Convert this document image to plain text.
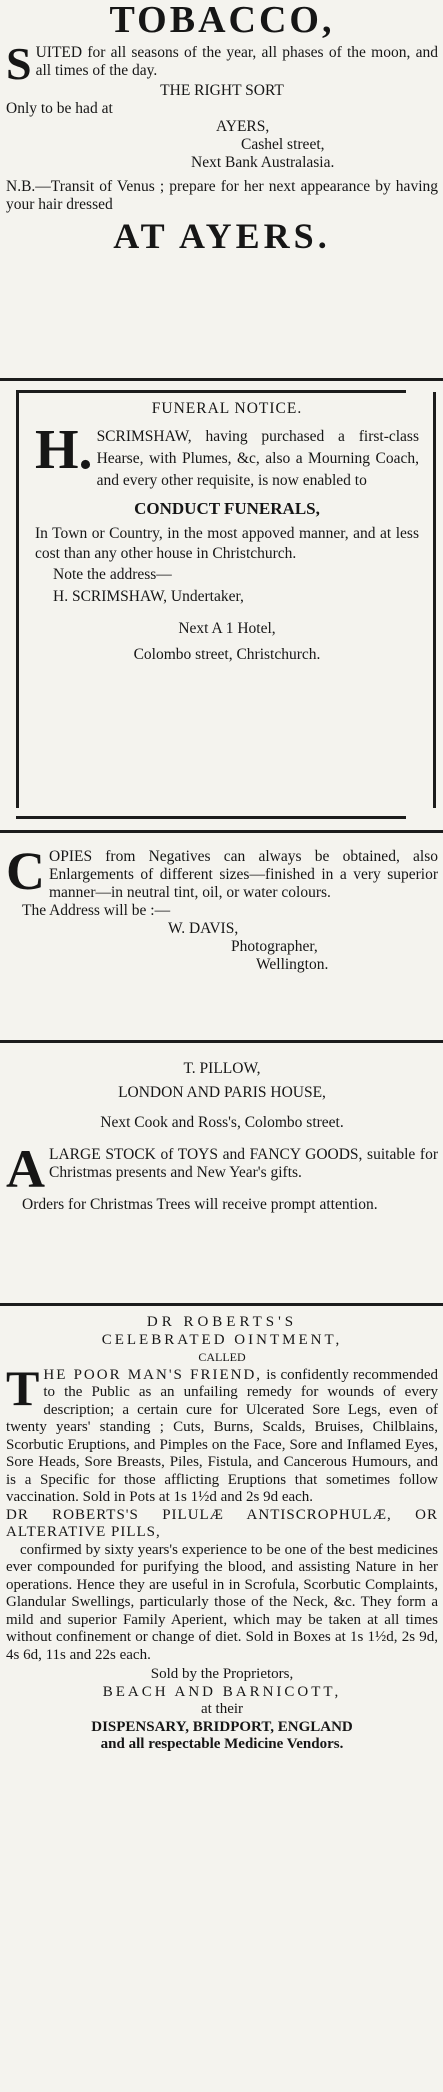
TOBACCO,
SUITED for all seasons of the year, all phases of the moon, and all times of the day.
THE RIGHT SORT
Only to be had at
AYERS,
Cashel street,
Next Bank Australasia.
N.B.—Transit of Venus ; prepare for her next appearance by having your hair dressed
AT AYERS.
FUNERAL NOTICE.
H. SCRIMSHAW, having purchased a first-class Hearse, with Plumes, &c, also a Mourning Coach, and every other requisite, is now enabled to
CONDUCT FUNERALS,
In Town or Country, in the most appoved manner, and at less cost than any other house in Christchurch.
Note the address—
H. SCRIMSHAW, Undertaker,
Next A 1 Hotel,
Colombo street, Christchurch.
COPIES from Negatives can always be obtained, also Enlargements of different sizes—finished in a very superior manner—in neutral tint, oil, or water colours.
The Address will be :—
W. DAVIS,
Photographer,
Wellington.
T. PILLOW,
LONDON AND PARIS HOUSE,
Next Cook and Ross's, Colombo street.
ALARGE STOCK of TOYS and FANCY GOODS, suitable for Christmas presents and New Year's gifts.
Orders for Christmas Trees will receive prompt attention.
DR ROBERTS'S
CELEBRATED OINTMENT,
CALLED
THE POOR MAN'S FRIEND, is confidently recommended to the Public as an unfailing remedy for wounds of every description; a certain cure for Ulcerated Sore Legs, even of twenty years' standing ; Cuts, Burns, Scalds, Bruises, Chilblains, Scorbutic Eruptions, and Pimples on the Face, Sore and Inflamed Eyes, Sore Heads, Sore Breasts, Piles, Fistula, and Cancerous Humours, and is a Specific for those afflicting Eruptions that sometimes follow vaccination. Sold in Pots at 1s 1½d and 2s 9d each.
DR ROBERTS'S PILULÆ ANTISCROPHULÆ, OR ALTERATIVE PILLS,
confirmed by sixty years's experience to be one of the best medicines ever compounded for purifying the blood, and assisting Nature in her operations. Hence they are useful in in Scrofula, Scorbutic Complaints, Glandular Swellings, particularly those of the Neck, &c. They form a mild and superior Family Aperient, which may be taken at all times without confinement or change of diet. Sold in Boxes at 1s 1½d, 2s 9d, 4s 6d, 11s and 22s each.
Sold by the Proprietors,
BEACH AND BARNICOTT,
at their
DISPENSARY, BRIDPORT, ENGLAND
and all respectable Medicine Vendors.
